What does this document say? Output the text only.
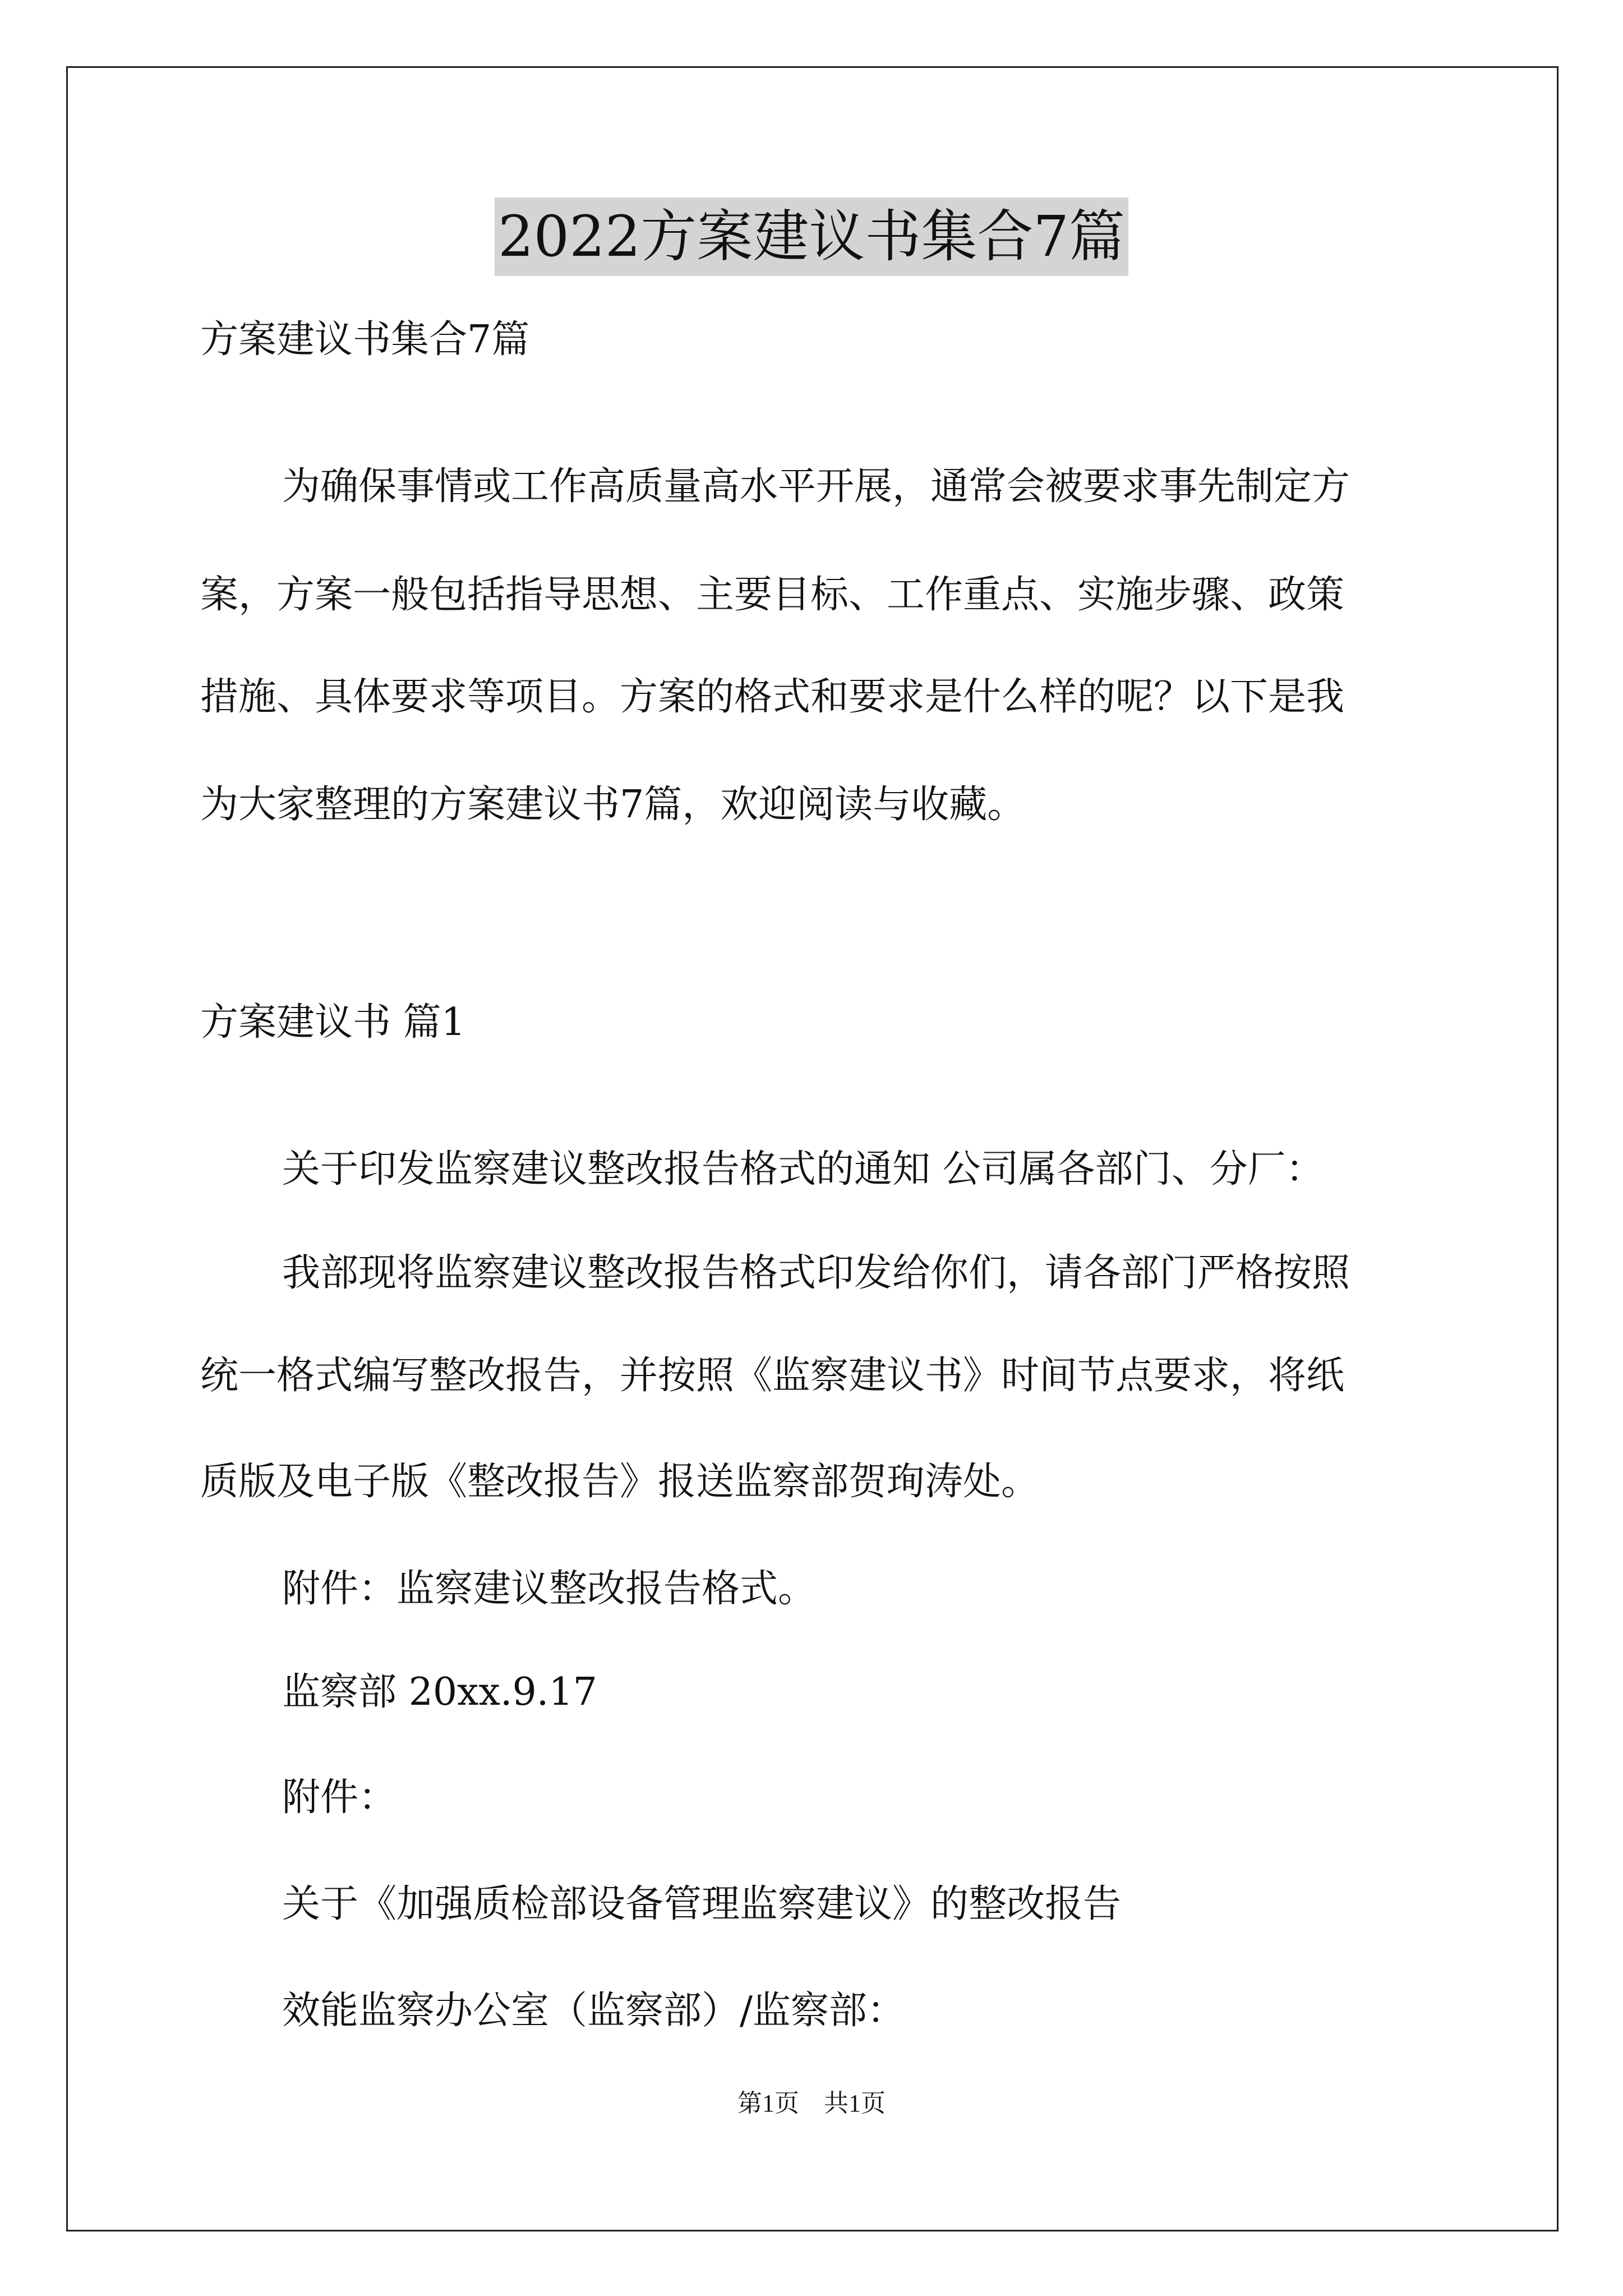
2022方案建议书集合7篇
方案建议书集合7篇
为确保事情或工作高质量高水平开展，通常会被要求事先制定方
案，方案一般包括指导思想、主要目标、工作重点、实施步骤、政策
措施、具体要求等项目。方案的格式和要求是什么样的呢？以下是我
为大家整理的方案建议书7篇，欢迎阅读与收藏。
方案建议书 篇1
关于印发监察建议整改报告格式的通知 公司属各部门、分厂：
我部现将监察建议整改报告格式印发给你们，请各部门严格按照
统一格式编写整改报告，并按照《监察建议书》时间节点要求，将纸
质版及电子版《整改报告》报送监察部贺珣涛处。
附件：监察建议整改报告格式。
监察部 20xx.9.17
附件：
关于《加强质检部设备管理监察建议》的整改报告
效能监察办公室（监察部）/监察部：
第1页　共1页
